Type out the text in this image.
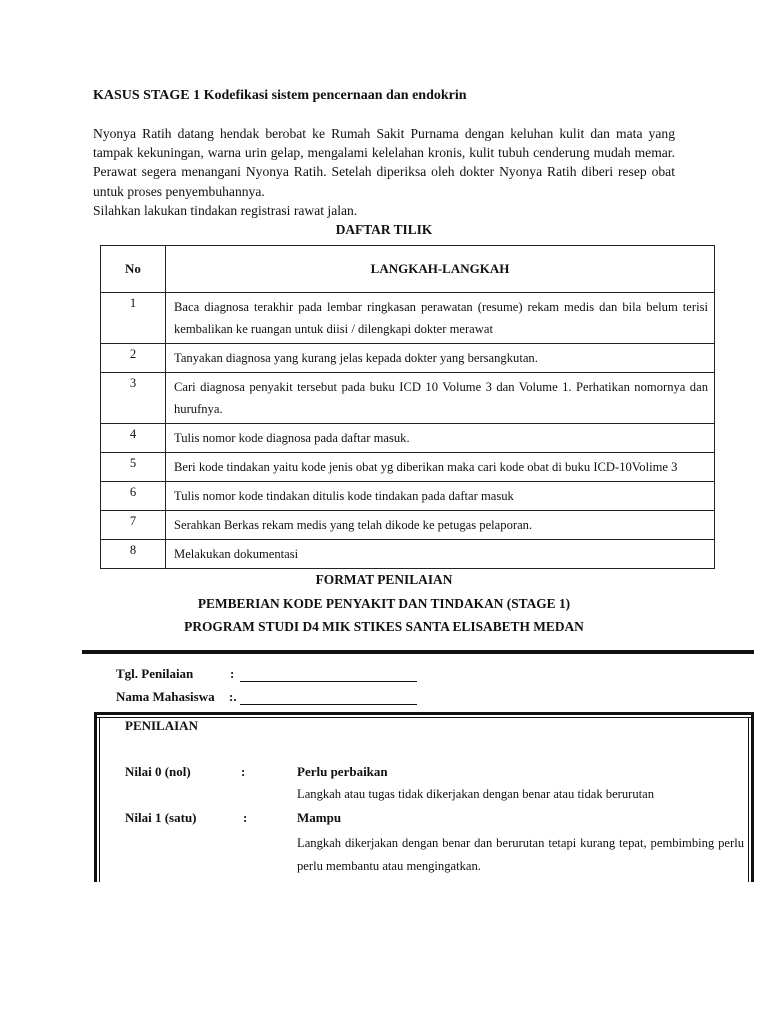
KASUS STAGE 1 Kodefikasi sistem pencernaan dan endokrin

Nyonya Ratih datang hendak berobat ke Rumah Sakit Purnama dengan keluhan kulit dan mata yang tampak kekuningan, warna urin gelap, mengalami kelelahan kronis, kulit tubuh cenderung mudah memar. Perawat segera menangani Nyonya Ratih. Setelah diperiksa oleh dokter Nyonya Ratih diberi resep obat untuk proses penyembuhannya.

Silahkan lakukan tindakan registrasi rawat jalan.

DAFTAR TILIK
No	LANGKAH-LANGKAH
1	Baca diagnosa terakhir pada lembar ringkasan perawatan (resume) rekam medis dan bila belum terisi kembalikan ke ruangan untuk diisi / dilengkapi dokter merawat
2	Tanyakan diagnosa yang kurang jelas kepada dokter yang bersangkutan.
3	Cari diagnosa penyakit tersebut pada buku ICD 10 Volume 3 dan Volume 1. Perhatikan nomornya dan hurufnya.
4	Tulis nomor kode diagnosa pada daftar masuk.
5	Beri kode tindakan yaitu kode jenis obat yg diberikan maka cari kode obat di buku ICD-10Volime 3
6	Tulis nomor kode tindakan ditulis kode tindakan pada daftar masuk
7	Serahkan Berkas rekam medis yang telah dikode ke petugas pelaporan.
8	Melakukan dokumentasi
FORMAT PENILAIAN
PEMBERIAN KODE PENYAKIT DAN TINDAKAN (STAGE 1)
PROGRAM STUDI D4 MIK STIKES SANTA ELISABETH MEDAN
Tgl. Penilaian	:
Nama Mahasiswa :.
PENILAIAN
Nilai 0 (nol)	:	Perlu perbaikan
Langkah atau tugas tidak dikerjakan dengan benar atau tidak berurutan
Nilai 1 (satu)	:	Mampu
Langkah dikerjakan dengan benar dan berurutan tetapi kurang tepat, pembimbing perlu perlu membantu atau mengingatkan.
